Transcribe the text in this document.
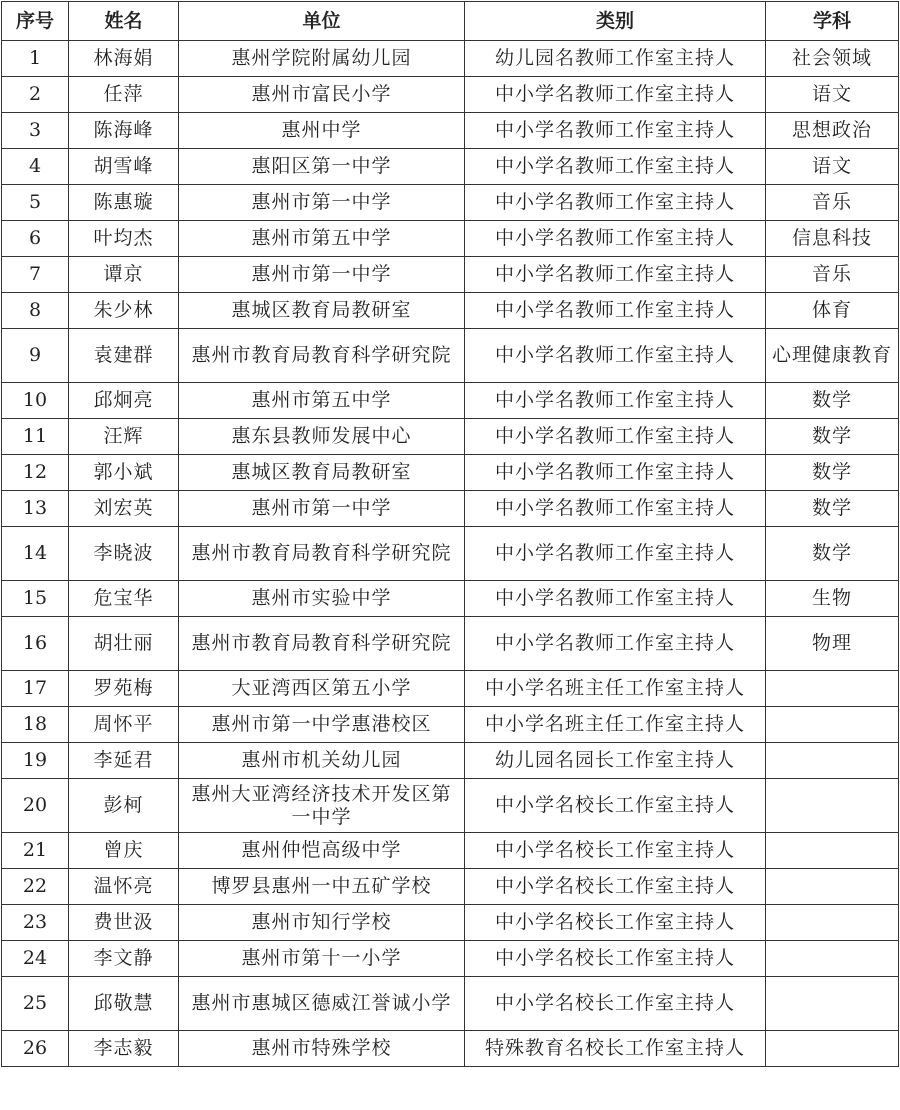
序号	姓名	单位	类别	学科
1	林海娟	惠州学院附属幼儿园	幼儿园名教师工作室主持人	社会领域
2	任萍	惠州市富民小学	中小学名教师工作室主持人	语文
3	陈海峰	惠州中学	中小学名教师工作室主持人	思想政治
4	胡雪峰	惠阳区第一中学	中小学名教师工作室主持人	语文
5	陈惠璇	惠州市第一中学	中小学名教师工作室主持人	音乐
6	叶均杰	惠州市第五中学	中小学名教师工作室主持人	信息科技
7	谭京	惠州市第一中学	中小学名教师工作室主持人	音乐
8	朱少林	惠城区教育局教研室	中小学名教师工作室主持人	体育
9	袁建群	惠州市教育局教育科学研究院	中小学名教师工作室主持人	心理健康教育
10	邱炯亮	惠州市第五中学	中小学名教师工作室主持人	数学
11	汪辉	惠东县教师发展中心	中小学名教师工作室主持人	数学
12	郭小斌	惠城区教育局教研室	中小学名教师工作室主持人	数学
13	刘宏英	惠州市第一中学	中小学名教师工作室主持人	数学
14	李晓波	惠州市教育局教育科学研究院	中小学名教师工作室主持人	数学
15	危宝华	惠州市实验中学	中小学名教师工作室主持人	生物
16	胡壮丽	惠州市教育局教育科学研究院	中小学名教师工作室主持人	物理
17	罗苑梅	大亚湾西区第五小学	中小学名班主任工作室主持人	
18	周怀平	惠州市第一中学惠港校区	中小学名班主任工作室主持人	
19	李延君	惠州市机关幼儿园	幼儿园名园长工作室主持人	
20	彭柯	惠州大亚湾经济技术开发区第一中学	中小学名校长工作室主持人	
21	曾庆	惠州仲恺高级中学	中小学名校长工作室主持人	
22	温怀亮	博罗县惠州一中五矿学校	中小学名校长工作室主持人	
23	费世汲	惠州市知行学校	中小学名校长工作室主持人	
24	李文静	惠州市第十一小学	中小学名校长工作室主持人	
25	邱敬慧	惠州市惠城区德威江誉诚小学	中小学名校长工作室主持人	
26	李志毅	惠州市特殊学校	特殊教育名校长工作室主持人	
